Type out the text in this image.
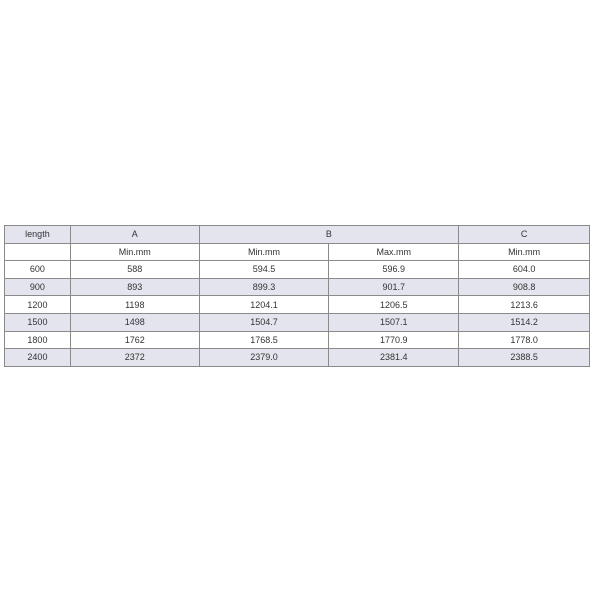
length	A	B		C
	Min.mm	Min.mm	Max.mm	Min.mm
600	588	594.5	596.9	604.0
900	893	899.3	901.7	908.8
1200	1198	1204.1	1206.5	1213.6
1500	1498	1504.7	1507.1	1514.2
1800	1762	1768.5	1770.9	1778.0
2400	2372	2379.0	2381.4	2388.5
